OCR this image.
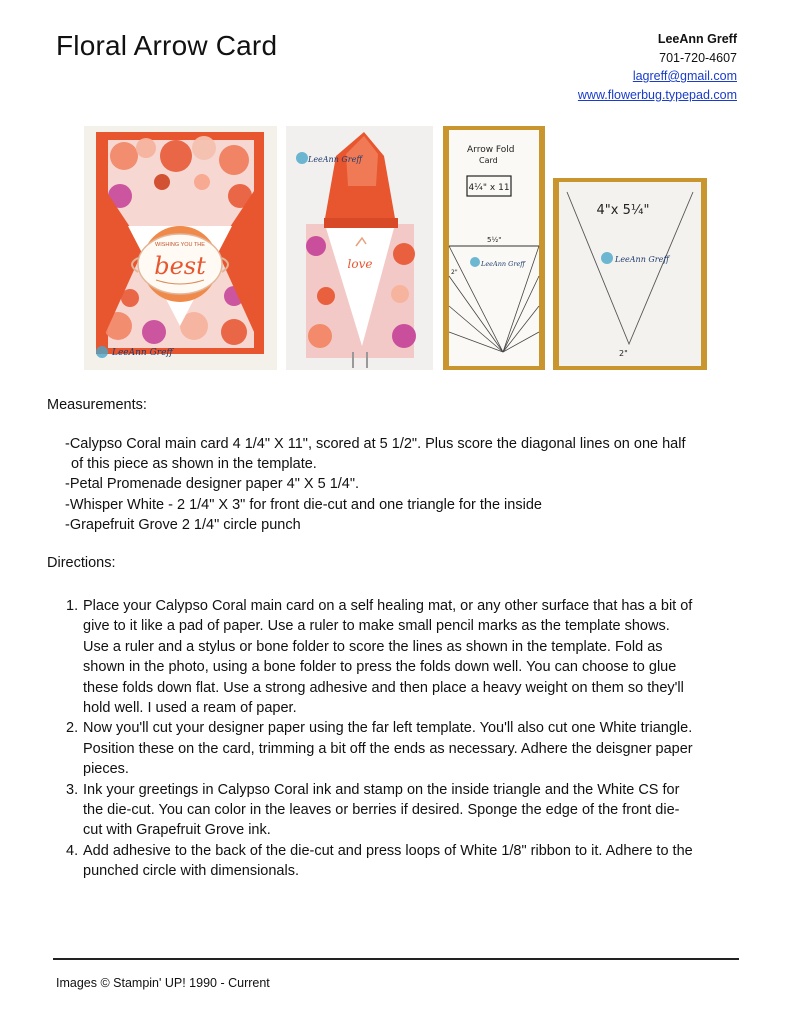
Floral Arrow Card	LeeAnn Greff
701-720-4607
lagreff@gmail.com
www.flowerbug.typepad.com
WISHING YOU THE
best
LeeAnn Greff
love
LeeAnn Greff
Arrow Fold
Card
4¼" x 11
5½"
2"
LeeAnn Greff
4"x 5¼"
2"
LeeAnn Greff
Measurements:
-Calypso Coral main card 4 1/4" X 11", scored at 5 1/2". Plus score the diagonal lines on one half
of this piece as shown in the template.
-Petal Promenade designer paper 4" X 5 1/4".
-Whisper White - 2 1/4" X 3" for front die-cut and one triangle for the inside
-Grapefruit Grove 2 1/4" circle punch
Directions:
1. Place your Calypso Coral main card on a self healing mat, or any other surface that has a bit of
give to it like a pad of paper. Use a ruler to make small pencil marks as the template shows.
Use a ruler and a stylus or bone folder to score the lines as shown in the template. Fold as
shown in the photo, using a bone folder to press the folds down well. You can choose to glue
these folds down flat. Use a strong adhesive and then place a heavy weight on them so they'll
hold well. I used a ream of paper.
2. Now you'll cut your designer paper using the far left template. You'll also cut one White triangle.
Position these on the card, trimming a bit off the ends as necessary. Adhere the deisgner paper
pieces.
3. Ink your greetings in Calypso Coral ink and stamp on the inside triangle and the White CS for
the die-cut. You can color in the leaves or berries if desired. Sponge the edge of the front die-
cut with Grapefruit Grove ink.
4. Add adhesive to the back of the die-cut and press loops of White 1/8" ribbon to it. Adhere to the
punched circle with dimensionals.
Images © Stampin' UP! 1990 - Current
